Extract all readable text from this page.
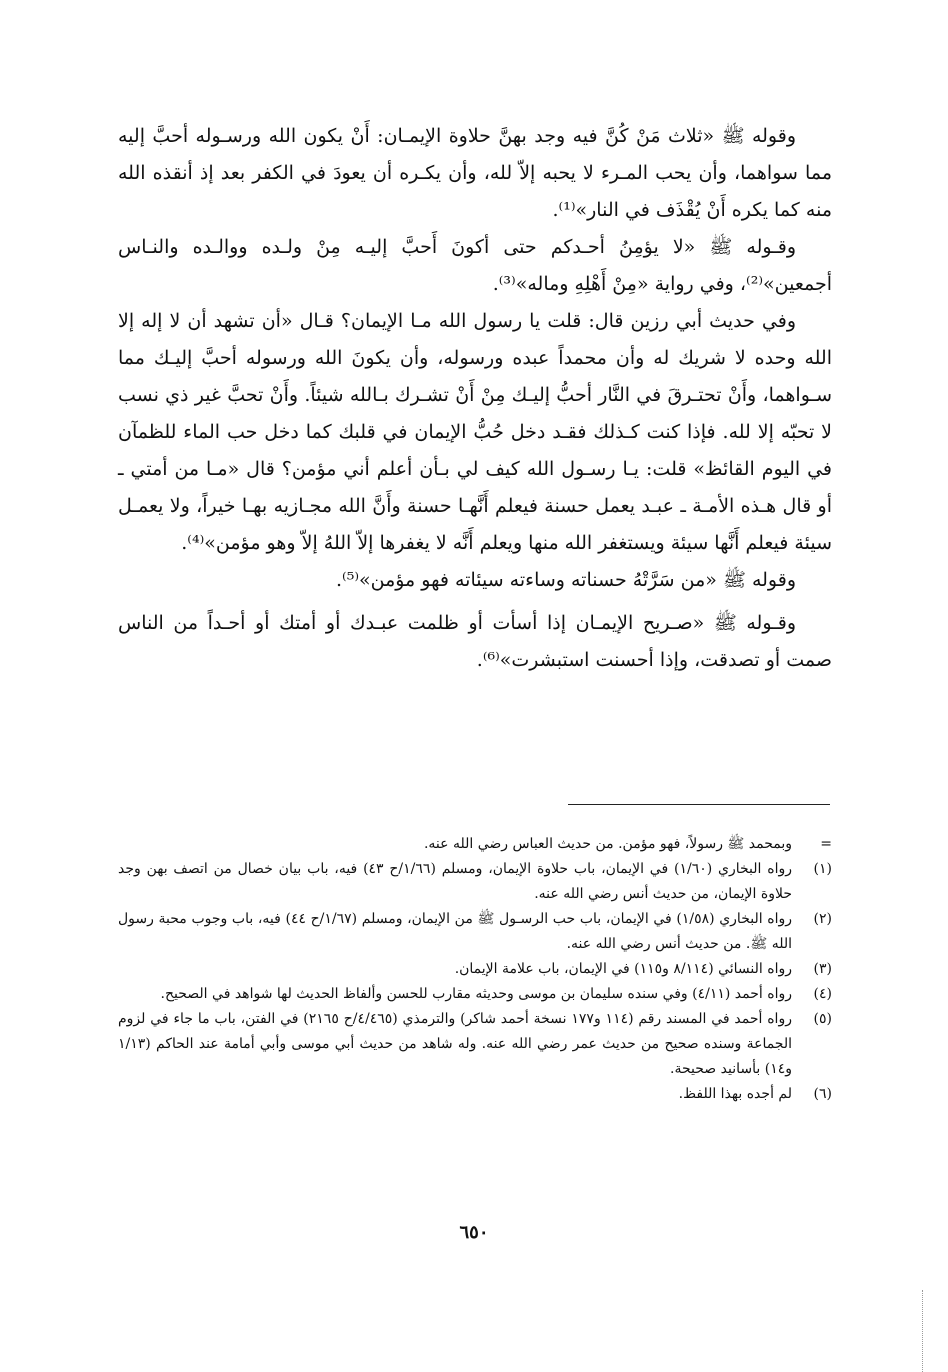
وقوله ﷺ «ثلاث مَنْ كُنَّ فيه وجد بهنَّ حلاوة الإيمـان: أَنْ يكون الله ورسـوله أحبَّ إليه مما سواهما، وأن يحب المـرء لا يحبه إلاّ لله، وأن يكـره أن يعودَ في الكفر بعد إذ أنقذه الله منه كما يكره أَنْ يُقْذَف في النار»⁽¹⁾.

وقـوله ﷺ «لا يؤمِنُ أحـدكم حتى أكونَ أَحبَّ إليـه مِنْ ولـده ووالـده والنـاس أجمعين»⁽²⁾، وفي رواية «مِنْ أَهْلِهِ وماله»⁽³⁾.

وفي حديث أبي رزين قال: قلت يا رسول الله مـا الإيمان؟ قـال «أن تشهد أن لا إله إلا الله وحده لا شريك له وأن محمداً عبده ورسوله، وأن يكونَ الله ورسوله أحبَّ إليـك مما سـواهما، وأَنْ تحتـرقَ في النَّار أحبُّ إليـك مِنْ أَنْ تشـرك بـالله شيئاً. وأَنْ تحبَّ غير ذي نسب لا تحبّه إلا لله. فإذا كنت كـذلك فقـد دخل حُبُّ الإيمان في قلبك كما دخل حب الماء للظمآن في اليوم القائظ» قلت: يـا رسـول الله كيف لي بـأن أعلم أني مؤمن؟ قال «مـا من أمتي ـ أو قال هـذه الأمـة ـ عبـد يعمل حسنة فيعلم أَنَّهـا حسنة وأَنَّ الله مجـازيه بهـا خيراً، ولا يعمـل سيئة فيعلم أَنَّها سيئة ويستغفر الله منها ويعلم أَنَّه لا يغفرها إلاّ اللهُ إلاّ وهو مؤمن»⁽⁴⁾.

وقوله ﷺ «من سَرَّتْهُ حسناته وساءته سيئاته فهو مؤمن»⁽⁵⁾.

وقـوله ﷺ «صـريح الإيمـان إذا أسأت أو ظلمت عبـدك أو أمتك أو أحـداً من الناس صمت أو تصدقت، وإذا أحسنت استبشرت»⁽⁶⁾.

=
وبمحمد ﷺ رسولاً، فهو مؤمن. من حديث العباس رضي الله عنه.
(١)
رواه البخاري (١/٦٠) في الإيمان، باب حلاوة الإيمان، ومسلم (١/٦٦/ح ٤٣) فيه، باب بيان خصال من اتصف بهن وجد حلاوة الإيمان، من حديث أنس رضي الله عنه.
(٢)
رواه البخاري (١/٥٨) في الإيمان، باب حب الرسـول ﷺ من الإيمان، ومسلم (١/٦٧/ح ٤٤) فيه، باب وجوب محبة رسول الله ﷺ. من حديث أنس رضي الله عنه.
(٣)
رواه النسائي (٨/١١٤ و١١٥) في الإيمان، باب علامة الإيمان.
(٤)
رواه أحمد (٤/١١) وفي سنده سليمان بن موسى وحديثه مقارب للحسن وألفاظ الحديث لها شواهد في الصحيح.
(٥)
رواه أحمد في المسند رقم (١١٤ و١٧٧ نسخة أحمد شاكر) والترمذي (٤/٤٦٥/ح ٢١٦٥) في الفتن، باب ما جاء في لزوم الجماعة وسنده صحيح من حديث عمر رضي الله عنه. وله شاهد من حديث أبي موسى وأبي أمامة عند الحاكم (١/١٣ و١٤) بأسانيد صحيحة.
(٦)
لم أجده بهذا اللفظ.
٦٥٠
